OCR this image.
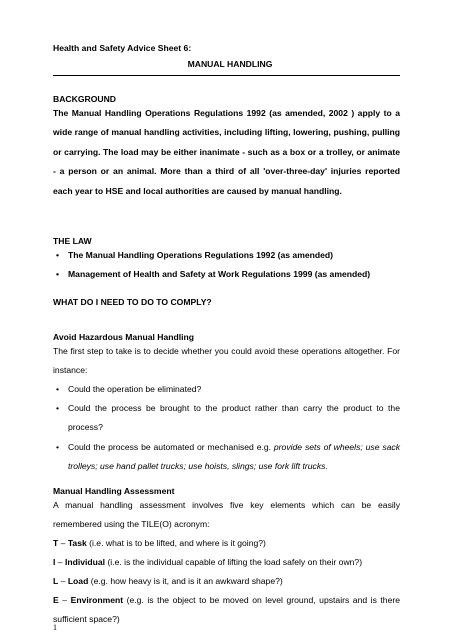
Health and Safety Advice Sheet 6:
MANUAL HANDLING
BACKGROUND
The Manual Handling Operations Regulations 1992 (as amended, 2002 ) apply to a wide range of manual handling activities, including lifting, lowering, pushing, pulling or carrying. The load may be either inanimate - such as a box or a trolley, or animate - a person or an animal. More than a third of all 'over-three-day' injuries reported each year to HSE and local authorities are caused by manual handling.
THE LAW
• The Manual Handling Operations Regulations 1992 (as amended)
• Management of Health and Safety at Work Regulations 1999 (as amended)
WHAT DO I NEED TO DO TO COMPLY?
Avoid Hazardous Manual Handling
The first step to take is to decide whether you could avoid these operations altogether. For instance:
• Could the operation be eliminated?
• Could the process be brought to the product rather than carry the product to the process?
• Could the process be automated or mechanised e.g. provide sets of wheels; use sack trolleys; use hand pallet trucks; use hoists, slings; use fork lift trucks.
Manual Handling Assessment
A manual handling assessment involves five key elements which can be easily remembered using the TILE(O) acronym:
T – Task (i.e. what is to be lifted, and where is it going?)
I – Individual (i.e. is the individual capable of lifting the load safely on their own?)
L – Load (e.g. how heavy is it, and is it an awkward shape?)
E – Environment (e.g. is the object to be moved on level ground, upstairs and is there sufficient space?)
1
